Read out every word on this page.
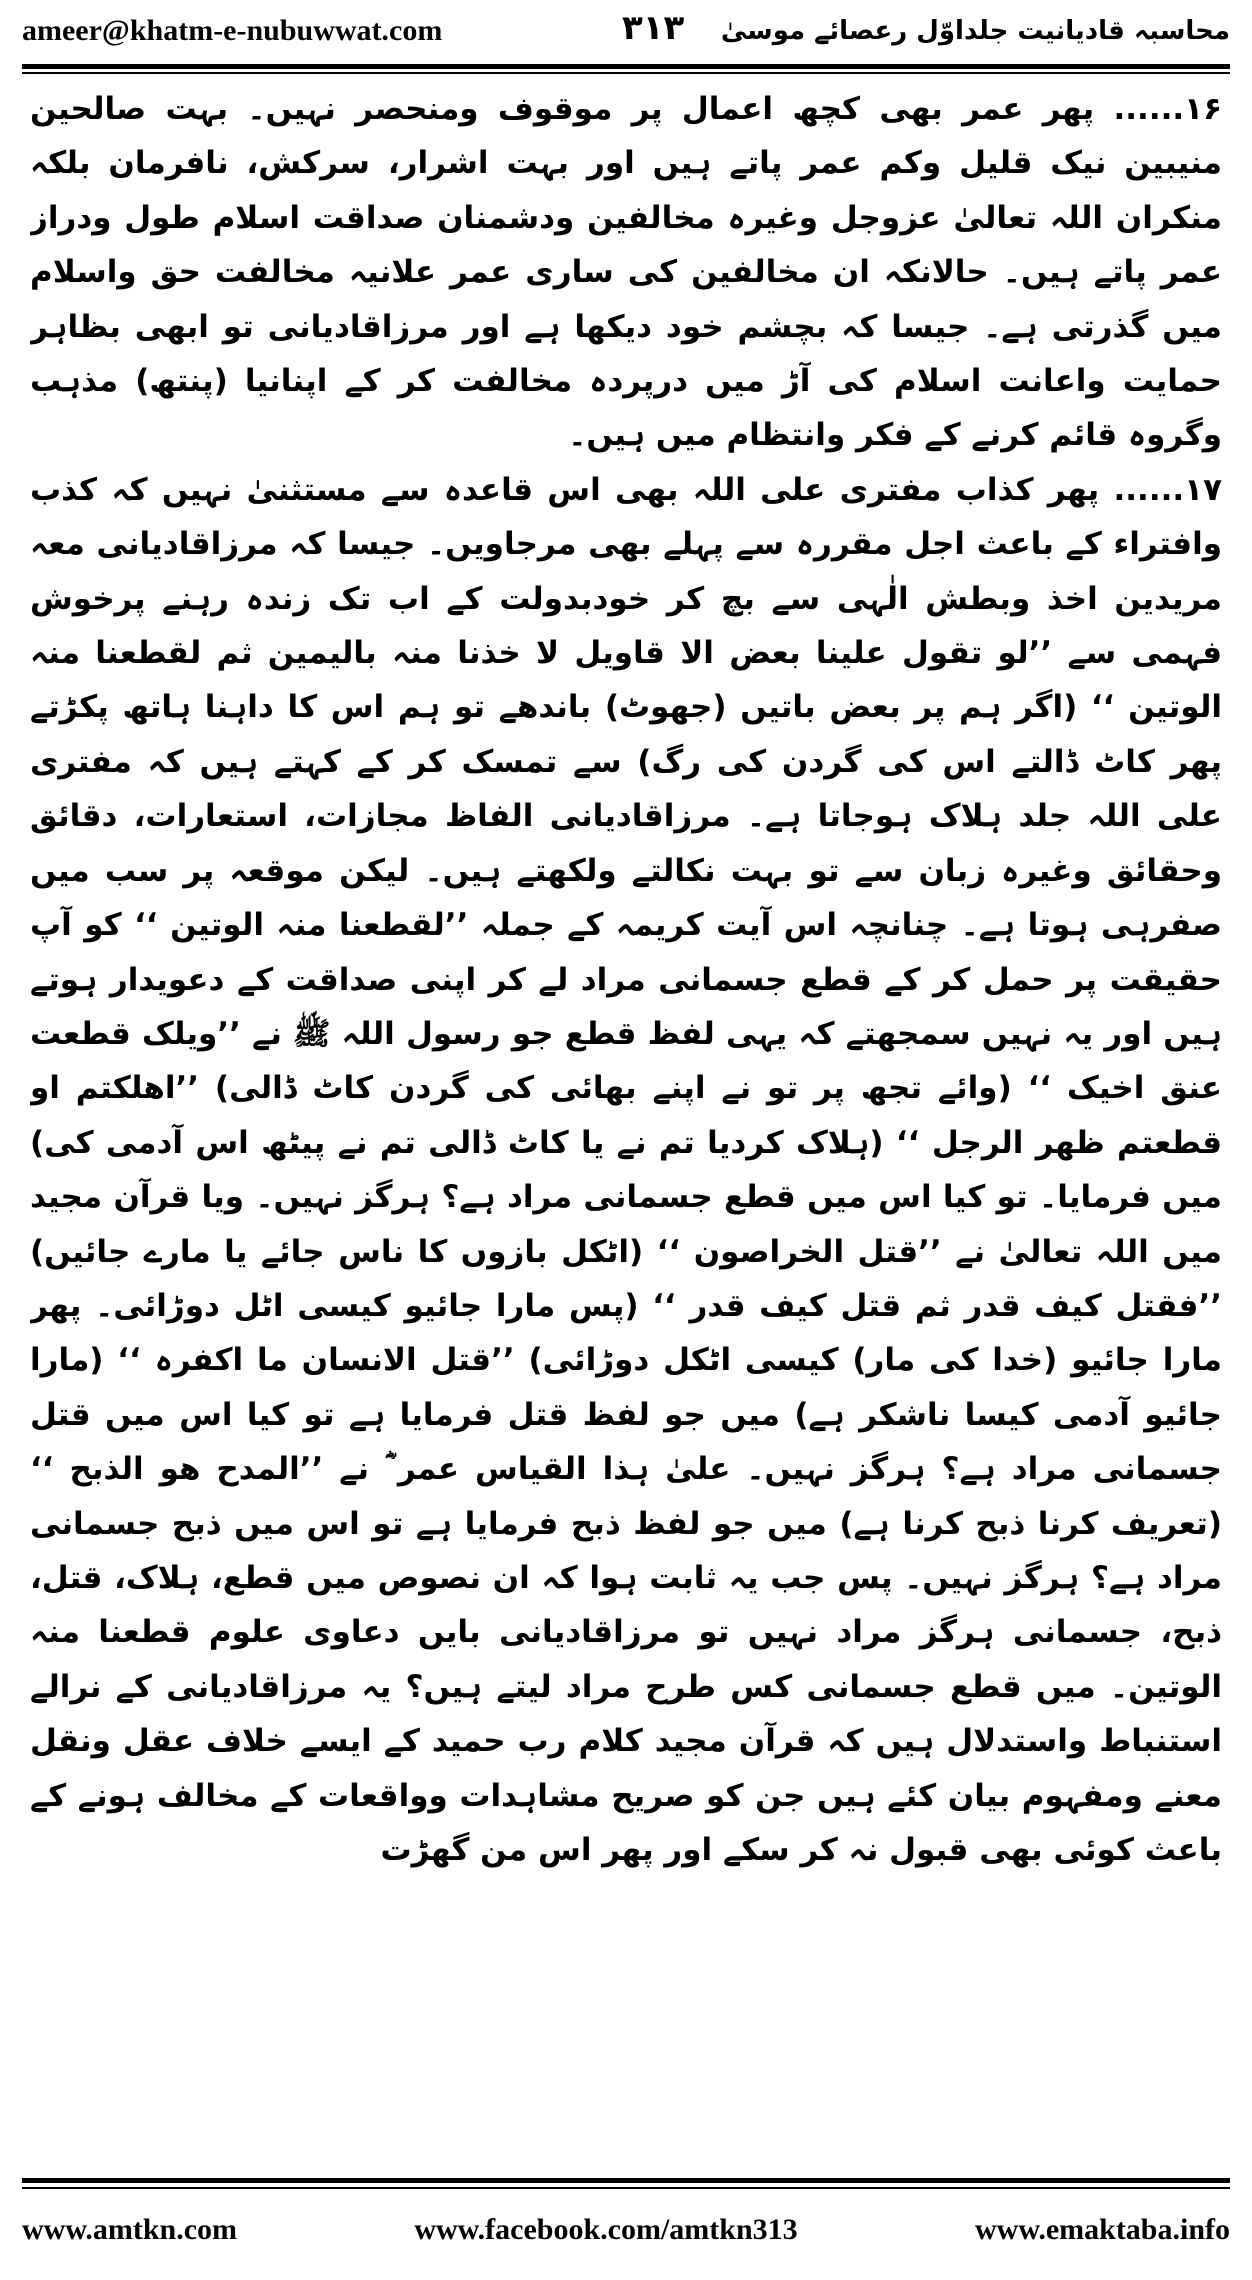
ameer@khatm-e-nubuwwat.com	۳۱۳ محاسبہ قادیانیت جلداوّل رعصائے موسیٰ

۱۶...... پھر عمر بھی کچھ اعمال پر موقوف ومنحصر نہیں۔ بہت صالحین منیبین نیک قلیل وکم عمر پاتے ہیں اور بہت اشرار، سرکش، نافرمان بلکہ منکران اللہ تعالیٰ عزوجل وغیرہ مخالفین ودشمنان صداقت اسلام طول ودراز عمر پاتے ہیں۔ حالانکہ ان مخالفین کی ساری عمر علانیہ مخالفت حق واسلام میں گذرتی ہے۔ جیسا کہ بچشم خود دیکھا ہے اور مرزاقادیانی تو ابھی بظاہر حمایت واعانت اسلام کی آڑ میں درپردہ مخالفت کر کے اپنانیا (پنتھ) مذہب وگروہ قائم کرنے کے فکر وانتظام میں ہیں۔

۱۷...... پھر کذاب مفتری علی اللہ بھی اس قاعدہ سے مستثنیٰ نہیں کہ کذب وافتراء کے باعث اجل مقررہ سے پہلے بھی مرجاویں۔ جیسا کہ مرزاقادیانی معہ مریدین اخذ وبطش الٰہی سے بچ کر خودبدولت کے اب تک زندہ رہنے پرخوش فہمی سے ’’لو تقول علینا بعض الا قاویل لا خذنا منہ بالیمین ثم لقطعنا منہ الوتین ‘‘ (اگر ہم پر بعض باتیں (جھوٹ) باندھے تو ہم اس کا داہنا ہاتھ پکڑتے پھر کاٹ ڈالتے اس کی گردن کی رگ) سے تمسک کر کے کہتے ہیں کہ مفتری علی اللہ جلد ہلاک ہوجاتا ہے۔ مرزاقادیانی الفاظ مجازات، استعارات، دقائق وحقائق وغیرہ زبان سے تو بہت نکالتے ولکھتے ہیں۔ لیکن موقعہ پر سب میں صفرہی ہوتا ہے۔ چنانچہ اس آیت کریمہ کے جملہ ’’لقطعنا منہ الوتین ‘‘ کو آپ حقیقت پر حمل کر کے قطع جسمانی مراد لے کر اپنی صداقت کے دعویدار ہوتے ہیں اور یہ نہیں سمجھتے کہ یہی لفظ قطع جو رسول اللہ ﷺ نے ’’ویلک قطعت عنق اخیک ‘‘ (وائے تجھ پر تو نے اپنے بھائی کی گردن کاٹ ڈالی) ’’اھلکتم او قطعتم ظھر الرجل ‘‘ (ہلاک کردیا تم نے یا کاٹ ڈالی تم نے پیٹھ اس آدمی کی) میں فرمایا۔ تو کیا اس میں قطع جسمانی مراد ہے؟ ہرگز نہیں۔ ویا قرآن مجید میں اللہ تعالیٰ نے ’’قتل الخراصون ‘‘ (اٹکل بازوں کا ناس جائے یا مارے جائیں) ’’فقتل کیف قدر ثم قتل کیف قدر ‘‘ (پس مارا جائیو کیسی اٹل دوڑائی۔ پھر مارا جائیو (خدا کی مار) کیسی اٹکل دوڑائی) ’’قتل الانسان ما اکفرہ ‘‘ (مارا جائیو آدمی کیسا ناشکر ہے) میں جو لفظ قتل فرمایا ہے تو کیا اس میں قتل جسمانی مراد ہے؟ ہرگز نہیں۔ علیٰ ہذا القیاس عمر ؓ نے ’’المدح ھو الذبح ‘‘ (تعریف کرنا ذبح کرنا ہے) میں جو لفظ ذبح فرمایا ہے تو اس میں ذبح جسمانی مراد ہے؟ ہرگز نہیں۔ پس جب یہ ثابت ہوا کہ ان نصوص میں قطع، ہلاک، قتل، ذبح، جسمانی ہرگز مراد نہیں تو مرزاقادیانی بایں دعاوی علوم قطعنا منہ الوتین۔ میں قطع جسمانی کس طرح مراد لیتے ہیں؟ یہ مرزاقادیانی کے نرالے استنباط واستدلال ہیں کہ قرآن مجید کلام رب حمید کے ایسے خلاف عقل ونقل معنے ومفہوم بیان کئے ہیں جن کو صریح مشاہدات وواقعات کے مخالف ہونے کے باعث کوئی بھی قبول نہ کر سکے اور پھر اس من گھڑت

www.amtkn.com	www.facebook.com/amtkn313	www.emaktaba.info
